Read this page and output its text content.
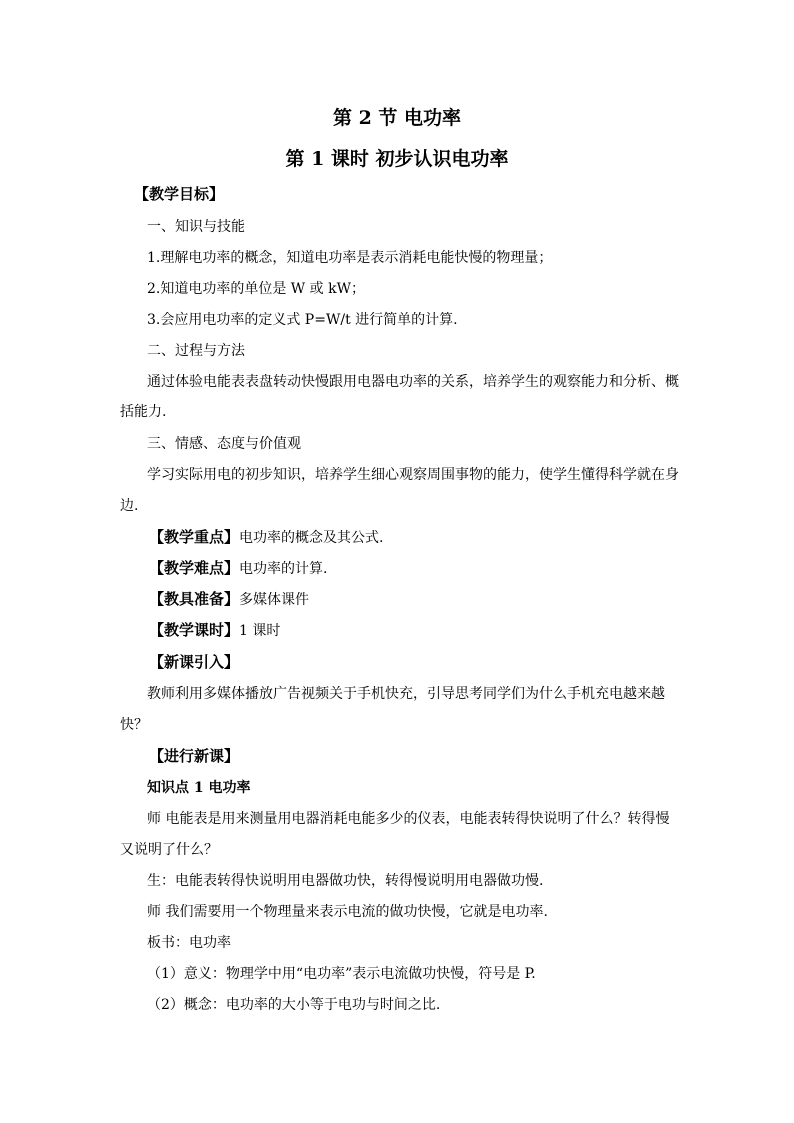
第 2 节 电功率
第 1 课时 初步认识电功率
【教学目标】
一、知识与技能
1.理解电功率的概念，知道电功率是表示消耗电能快慢的物理量；
2.知道电功率的单位是 W 或 kW；
3.会应用电功率的定义式 P=W/t 进行简单的计算.
二、过程与方法
通过体验电能表表盘转动快慢跟用电器电功率的关系，培养学生的观察能力和分析、概
括能力.
三、情感、态度与价值观
学习实际用电的初步知识，培养学生细心观察周围事物的能力，使学生懂得科学就在身
边.
【教学重点】电功率的概念及其公式.
【教学难点】电功率的计算.
【教具准备】多媒体课件
【教学课时】1 课时
【新课引入】
教师利用多媒体播放广告视频关于手机快充，引导思考同学们为什么手机充电越来越
快？
【进行新课】
知识点 1 电功率
师 电能表是用来测量用电器消耗电能多少的仪表，电能表转得快说明了什么？转得慢
又说明了什么？
生：电能表转得快说明用电器做功快，转得慢说明用电器做功慢.
师 我们需要用一个物理量来表示电流的做功快慢，它就是电功率.
板书：电功率
（1）意义：物理学中用“电功率”表示电流做功快慢，符号是 P.
（2）概念：电功率的大小等于电功与时间之比.
